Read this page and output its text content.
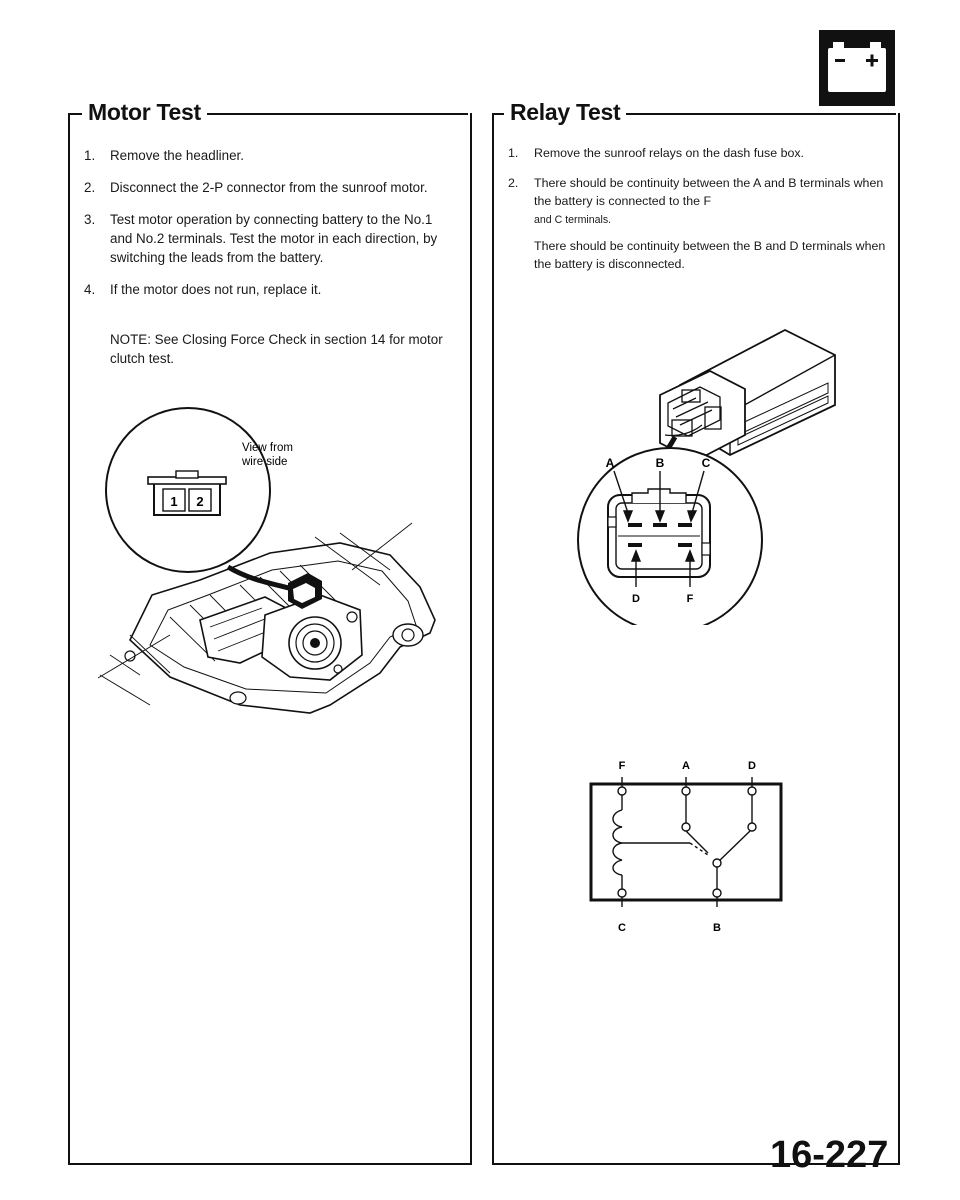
Motor Test
1. Remove the headliner.
2. Disconnect the 2-P connector from the sunroof motor.
3. Test motor operation by connecting battery to the No.1 and No.2 terminals. Test the motor in each direction, by switching the leads from the battery.
4. If the motor does not run, replace it.

NOTE: See Closing Force Check in section 14 for motor clutch test.

1 2
View from
wire side
Relay Test
1. Remove the sunroof relays on the dash fuse box.
2. There should be continuity between the A and B terminals when the battery is connected to the F
and C terminals.

There should be continuity between the B and D terminals when the battery is disconnected.

A	B	C
D	F
F	A	D
C	B

16-227
